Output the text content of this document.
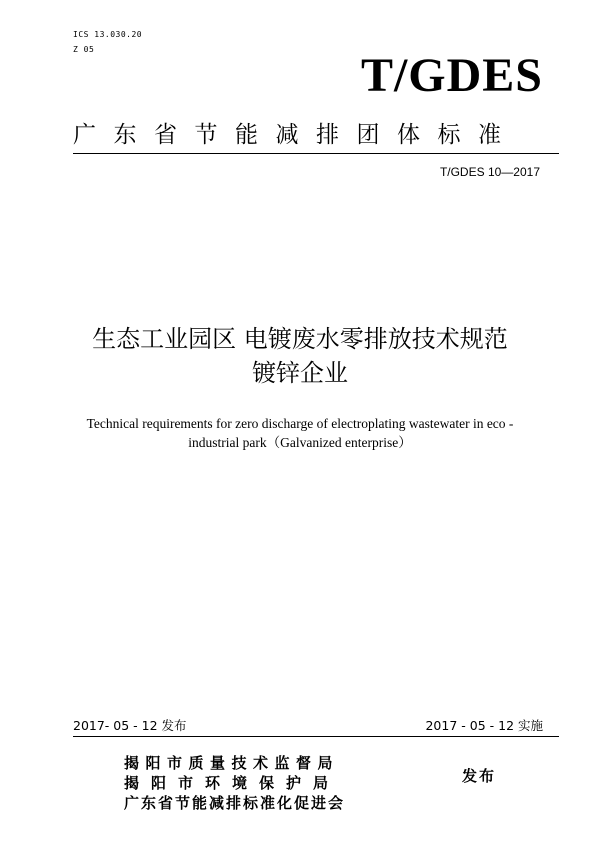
ICS 13.030.20
Z 05	T/GDES
广东省节能减排团体标准
T/GDES 10—2017
生态工业园区 电镀废水零排放技术规范
镀锌企业
Technical requirements for zero discharge of electroplating wastewater in eco -
industrial park（Galvanized enterprise）
2017- 05 - 12 发布	2017 - 05 - 12 实施
揭阳市质量技术监督局
揭阳市环境保护局
广东省节能减排标准化促进会
发布
